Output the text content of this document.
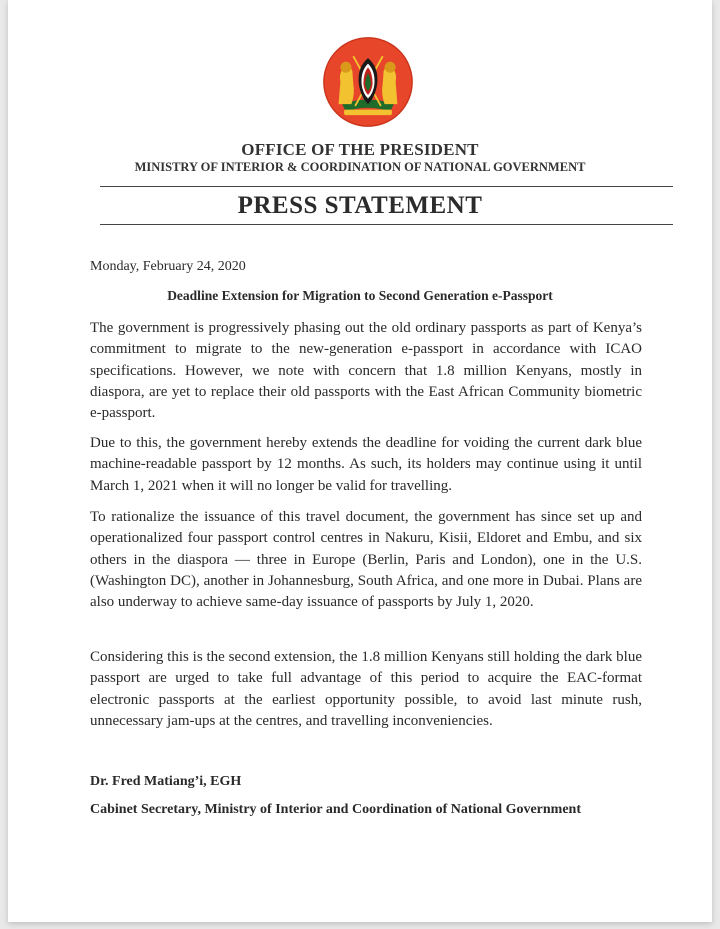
OFFICE OF THE PRESIDENT
MINISTRY OF INTERIOR & COORDINATION OF NATIONAL GOVERNMENT
PRESS STATEMENT
Monday, February 24, 2020
Deadline Extension for Migration to Second Generation e-Passport

The government is progressively phasing out the old ordinary passports as part of Kenya’s commitment to migrate to the new-generation e-passport in accordance with ICAO specifications. However, we note with concern that 1.8 million Kenyans, mostly in diaspora, are yet to replace their old passports with the East African Community biometric e-passport.

Due to this, the government hereby extends the deadline for voiding the current dark blue machine-readable passport by 12 months. As such, its holders may continue using it until March 1, 2021 when it will no longer be valid for travelling.

To rationalize the issuance of this travel document, the government has since set up and operationalized four passport control centres in Nakuru, Kisii, Eldoret and Embu, and six others in the diaspora — three in Europe (Berlin, Paris and London), one in the U.S. (Washington DC), another in Johannesburg, South Africa, and one more in Dubai. Plans are also underway to achieve same-day issuance of passports by July 1, 2020.

Considering this is the second extension, the 1.8 million Kenyans still holding the dark blue passport are urged to take full advantage of this period to acquire the EAC-format electronic passports at the earliest opportunity possible, to avoid last minute rush, unnecessary jam-ups at the centres, and travelling inconveniencies.

Dr. Fred Matiang’i, EGH
Cabinet Secretary, Ministry of Interior and Coordination of National Government
